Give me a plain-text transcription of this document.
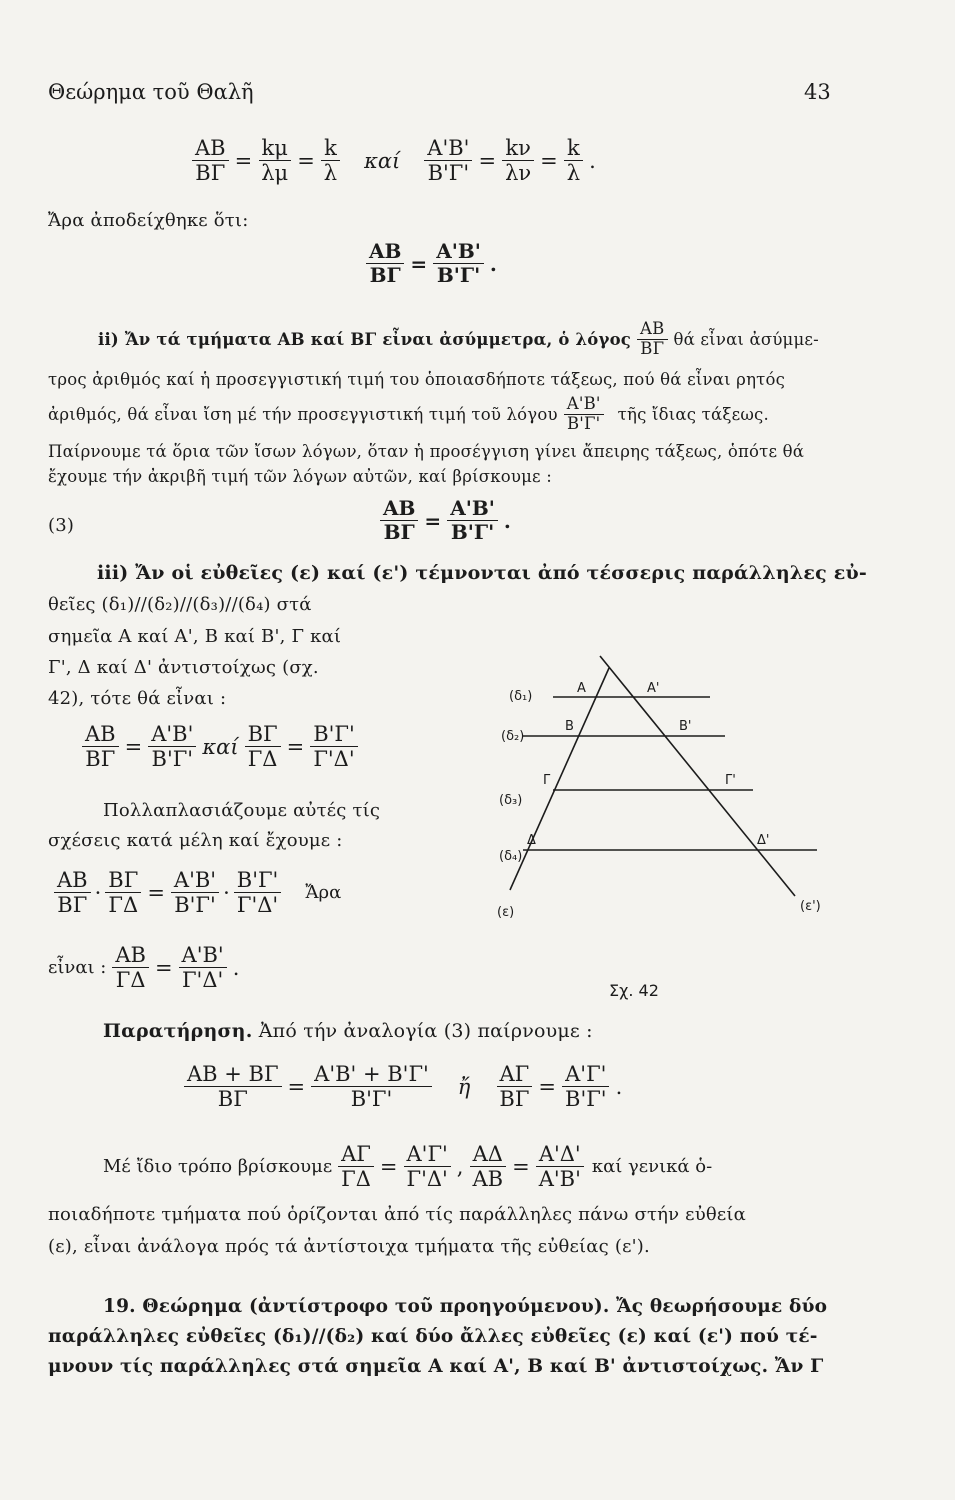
Θεώρημα τοῦ Θαλῆ	43
$\frac{AB}{B\Gamma} = \frac{k\mu}{\lambda\mu} = \frac{k}{\lambda}$ καί $\frac{A'B'}{B'\Gamma'} = \frac{k\nu}{\lambda\nu} = \frac{k}{\lambda}$ .
Ἄρα ἀποδείχθηκε ὅτι:
$\frac{AB}{B\Gamma} = \frac{A'B'}{B'\Gamma'}$ .
ii) Ἄν τά τμήματα ΑΒ καί ΒΓ εἶναι ἀσύμμετρα, ὁ λόγος $\frac{AB}{B\Gamma}$ θά εἶναι ἀσύμμε-
τρος ἀριθμός καί ἡ προσεγγιστική τιμή του ὁποιασδήποτε τάξεως, πού θά εἶναι ρητός
ἀριθμός, θά εἶναι ἴση μέ τήν προσεγγιστική τιμή τοῦ λόγου $\frac{A'B'}{B'\Gamma'}$ τῆς ἴδιας τάξεως.
Παίρνουμε τά ὅρια τῶν ἴσων λόγων, ὅταν ἡ προσέγγιση γίνει ἄπειρης τάξεως, ὁπότε θά
ἔχουμε τήν ἀκριβῆ τιμή τῶν λόγων αὐτῶν, καί βρίσκουμε :
(3)	$\frac{AB}{B\Gamma} = \frac{A'B'}{B'\Gamma'}$ .
iii) Ἄν οἱ εὐθεῖες (ε) καί (ε') τέμνονται ἀπό τέσσερις παράλληλες εὐ-
θεῖες (δ₁)//(δ₂)//(δ₃)//(δ₄) στά
σημεῖα Α καί Α', Β καί Β', Γ καί
Γ', Δ καί Δ' ἀντιστοίχως (σχ.
42), τότε θά εἶναι :
$\frac{AB}{B\Gamma} = \frac{A'B'}{B'\Gamma'}$ καί $\frac{B\Gamma}{\Gamma\Delta} = \frac{B'\Gamma'}{\Gamma'\Delta'}$
Πολλαπλασιάζουμε αὐτές τίς
σχέσεις κατά μέλη καί ἔχουμε :
$\frac{AB}{B\Gamma} \cdot \frac{B\Gamma}{\Gamma\Delta} = \frac{A'B'}{B'\Gamma'} \cdot \frac{B'\Gamma'}{\Gamma'\Delta'}$ Ἄρα
εἶναι : $\frac{AB}{\Gamma\Delta} = \frac{A'B'}{\Gamma'\Delta'}$ .
(δ₁)
(δ₂)
(δ₃)
(δ₄)
A	A'
B	B'
Γ	Γ'
Δ	Δ'
(ε)	(ε')
Σχ. 42
Παρατήρηση. Ἀπό τήν ἀναλογία (3) παίρνουμε :
$\frac{AB + B\Gamma}{B\Gamma} = \frac{A'B' + B'\Gamma'}{B'\Gamma'}$ ἤ $\frac{A\Gamma}{B\Gamma} = \frac{A'\Gamma'}{B'\Gamma'}$ .
Μέ ἴδιο τρόπο βρίσκουμε $\frac{A\Gamma}{\Gamma\Delta} = \frac{A'\Gamma'}{\Gamma'\Delta'}$ , $\frac{A\Delta}{AB} = \frac{A'\Delta'}{A'B'}$ καί γενικά ὁ-
ποιαδήποτε τμήματα πού ὁρίζονται ἀπό τίς παράλληλες πάνω στήν εὐθεία
(ε), εἶναι ἀνάλογα πρός τά ἀντίστοιχα τμήματα τῆς εὐθείας (ε').
19. Θεώρημα (ἀντίστροφο τοῦ προηγούμενου). Ἄς θεωρήσουμε δύο
παράλληλες εὐθεῖες (δ₁)//(δ₂) καί δύο ἄλλες εὐθεῖες (ε) καί (ε') πού τέ-
μνουν τίς παράλληλες στά σημεῖα Α καί Α', Β καί Β' ἀντιστοίχως. Ἄν Γ
